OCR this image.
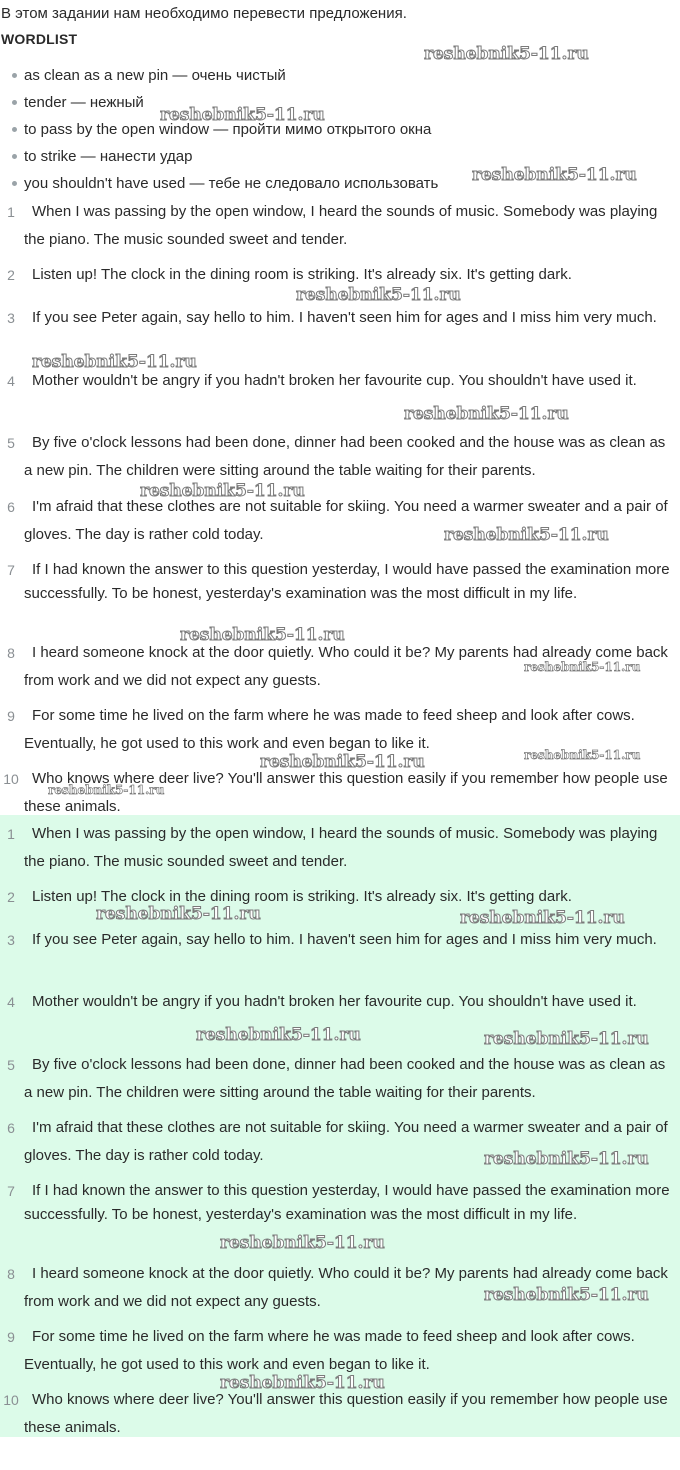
В этом задании нам необходимо перевести предложения.
WORDLIST
as clean as a new pin — очень чистый
tender — нежный
to pass by the open window — пройти мимо открытого окна
to strike — нанести удар
you shouldn't have used — тебе не следовало использовать
1	When I was passing by the open window, I heard the sounds of music. Somebody was playing the piano. The music sounded sweet and tender.
2	Listen up! The clock in the dining room is striking. It's already six. It's getting dark.
3	If you see Peter again, say hello to him. I haven't seen him for ages and I miss him very much.
4	Mother wouldn't be angry if you hadn't broken her favourite cup. You shouldn't have used it.
5	By five o'clock lessons had been done, dinner had been cooked and the house was as clean as a new pin. The children were sitting around the table waiting for their parents.
6	I'm afraid that these clothes are not suitable for skiing. You need a warmer sweater and a pair of gloves. The day is rather cold today.
7	If I had known the answer to this question yesterday, I would have passed the examination more successfully. To be honest, yesterday's examination was the most difficult in my life.
8	I heard someone knock at the door quietly. Who could it be? My parents had already come back from work and we did not expect any guests.
9	For some time he lived on the farm where he was made to feed sheep and look after cows. Eventually, he got used to this work and even began to like it.
10 Who knows where deer live? You'll answer this question easily if you remember how people use these animals.
1	When I was passing by the open window, I heard the sounds of music. Somebody was playing the piano. The music sounded sweet and tender.
2	Listen up! The clock in the dining room is striking. It's already six. It's getting dark.
3	If you see Peter again, say hello to him. I haven't seen him for ages and I miss him very much.
4	Mother wouldn't be angry if you hadn't broken her favourite cup. You shouldn't have used it.
5	By five o'clock lessons had been done, dinner had been cooked and the house was as clean as a new pin. The children were sitting around the table waiting for their parents.
6	I'm afraid that these clothes are not suitable for skiing. You need a warmer sweater and a pair of gloves. The day is rather cold today.
7	If I had known the answer to this question yesterday, I would have passed the examination more successfully. To be honest, yesterday's examination was the most difficult in my life.
8	I heard someone knock at the door quietly. Who could it be? My parents had already come back from work and we did not expect any guests.
9	For some time he lived on the farm where he was made to feed sheep and look after cows. Eventually, he got used to this work and even began to like it.
10 Who knows where deer live? You'll answer this question easily if you remember how people use these animals.
reshebnik5-11.ru
reshebnik5-11.ru
reshebnik5-11.ru
reshebnik5-11.ru
reshebnik5-11.ru
reshebnik5-11.ru
reshebnik5-11.ru
reshebnik5-11.ru
reshebnik5-11.ru
reshebnik5-11.ru
reshebnik5-11.ru	reshebnik5-11.ru
reshebnik5-11.ru
reshebnik5-11.ru	reshebnik5-11.ru
reshebnik5-11.ru	reshebnik5-11.ru
reshebnik5-11.ru
reshebnik5-11.ru
reshebnik5-11.ru
reshebnik5-11.ru
